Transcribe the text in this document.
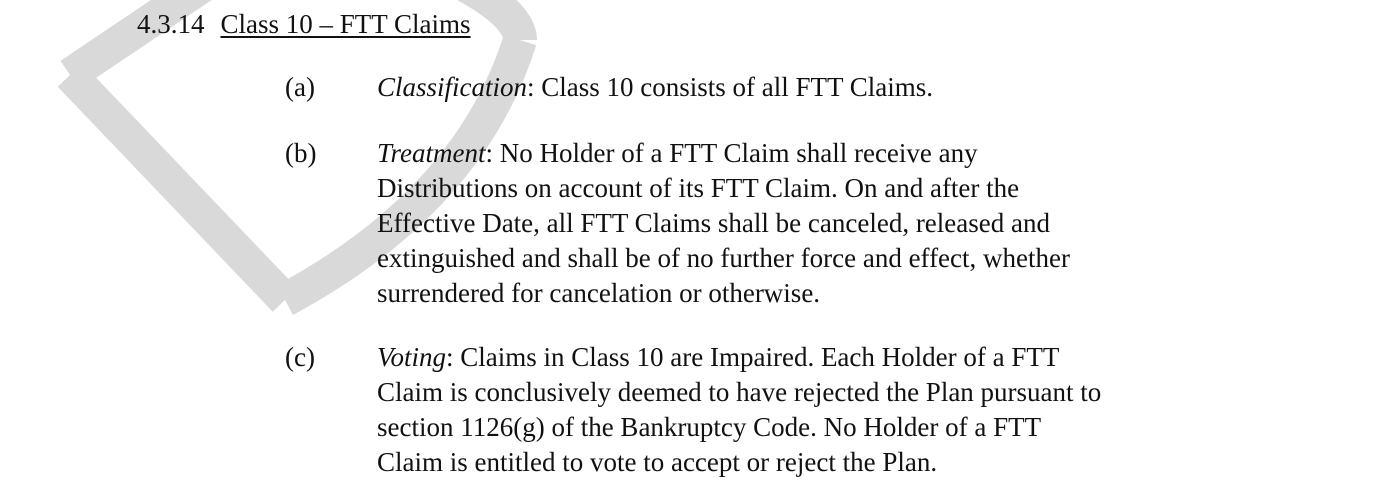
4.3.14 Class 10 – FTT Claims
(a) Classification: Class 10 consists of all FTT Claims.
(b) Treatment: No Holder of a FTT Claim shall receive any
Distributions on account of its FTT Claim. On and after the
Effective Date, all FTT Claims shall be canceled, released and
extinguished and shall be of no further force and effect, whether
surrendered for cancelation or otherwise.
(c) Voting: Claims in Class 10 are Impaired. Each Holder of a FTT
Claim is conclusively deemed to have rejected the Plan pursuant to
section 1126(g) of the Bankruptcy Code. No Holder of a FTT
Claim is entitled to vote to accept or reject the Plan.
